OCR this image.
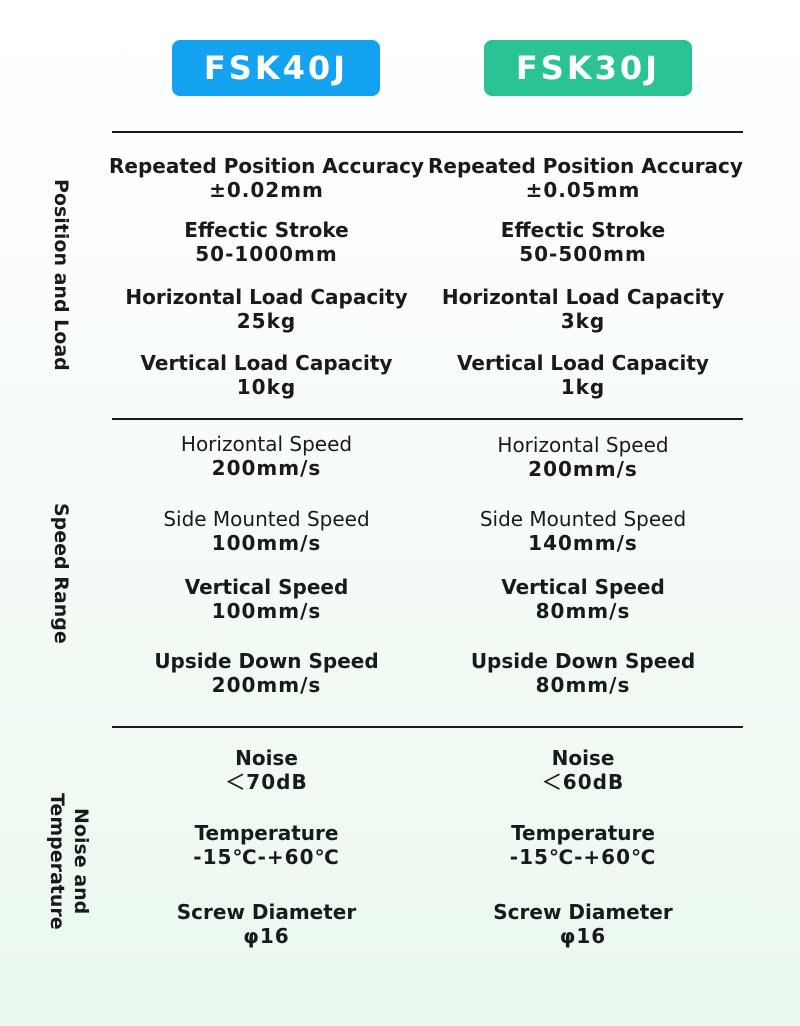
FSK40J	FSK30J
Position and Load
Speed Range
Noise and
Temperature
Repeated Position Accuracy
±0.02mm
Repeated Position Accuracy
±0.05mm
Effectic Stroke
50-1000mm
Effectic Stroke
50-500mm
Horizontal Load Capacity
25kg
Horizontal Load Capacity
3kg
Vertical Load Capacity
10kg
Vertical Load Capacity
1kg
Horizontal Speed
200mm/s
Horizontal Speed
200mm/s
Side Mounted Speed
100mm/s
Side Mounted Speed
140mm/s
Vertical Speed
100mm/s
Vertical Speed
80mm/s
Upside Down Speed
200mm/s
Upside Down Speed
80mm/s
Noise
＜70dB
Noise
＜60dB
Temperature
-15℃-+60℃
Temperature
-15℃-+60℃
Screw Diameter
φ16
Screw Diameter
φ16
